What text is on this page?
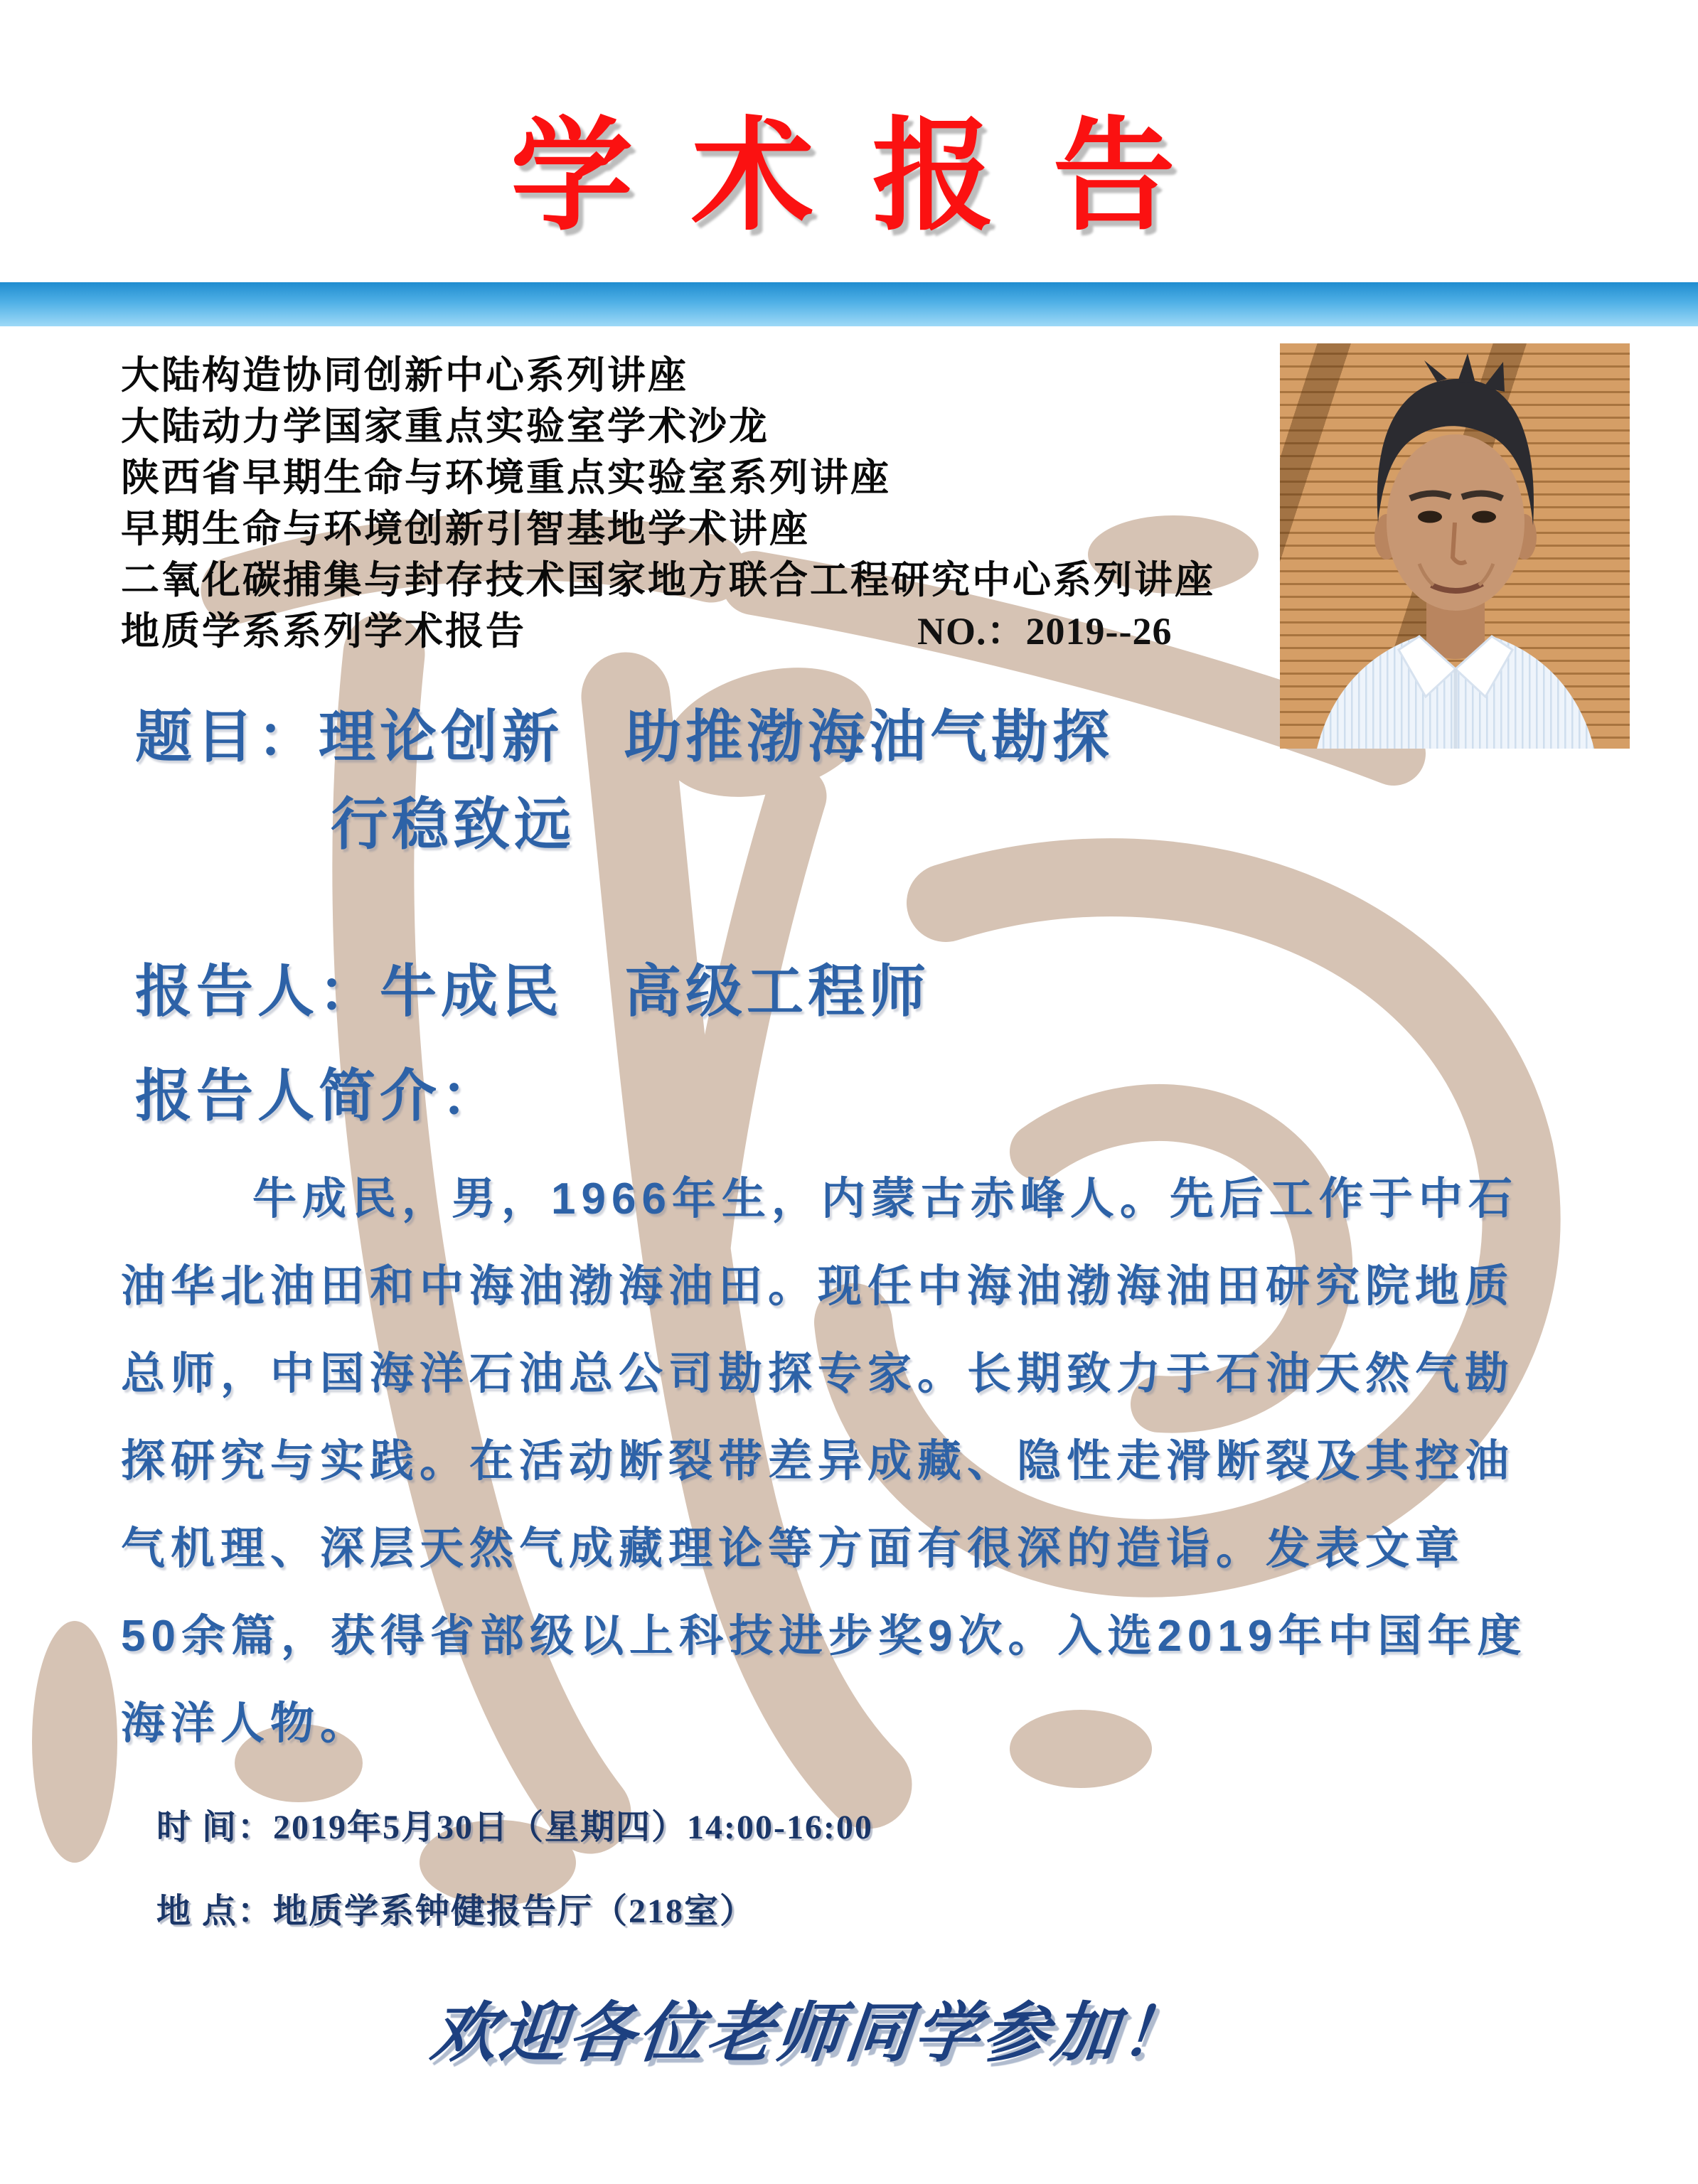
学 术 报 告
大陆构造协同创新中心系列讲座
大陆动力学国家重点实验室学术沙龙
陕西省早期生命与环境重点实验室系列讲座
早期生命与环境创新引智基地学术讲座
二氧化碳捕集与封存技术国家地方联合工程研究中心系列讲座
地质学系系列学术报告	NO.：2019--26
题目：理论创新　助推渤海油气勘探
行稳致远
报告人：牛成民　高级工程师
报告人简介：
牛成民，男，1966年生，内蒙古赤峰人。先后工作于中石
油华北油田和中海油渤海油田。现任中海油渤海油田研究院地质
总师，中国海洋石油总公司勘探专家。长期致力于石油天然气勘
探研究与实践。在活动断裂带差异成藏、隐性走滑断裂及其控油
气机理、深层天然气成藏理论等方面有很深的造诣。发表文章
50余篇，获得省部级以上科技进步奖9次。入选2019年中国年度
海洋人物。
时 间：2019年5月30日（星期四）14:00-16:00
地 点：地质学系钟健报告厅（218室）
欢迎各位老师同学参加！
